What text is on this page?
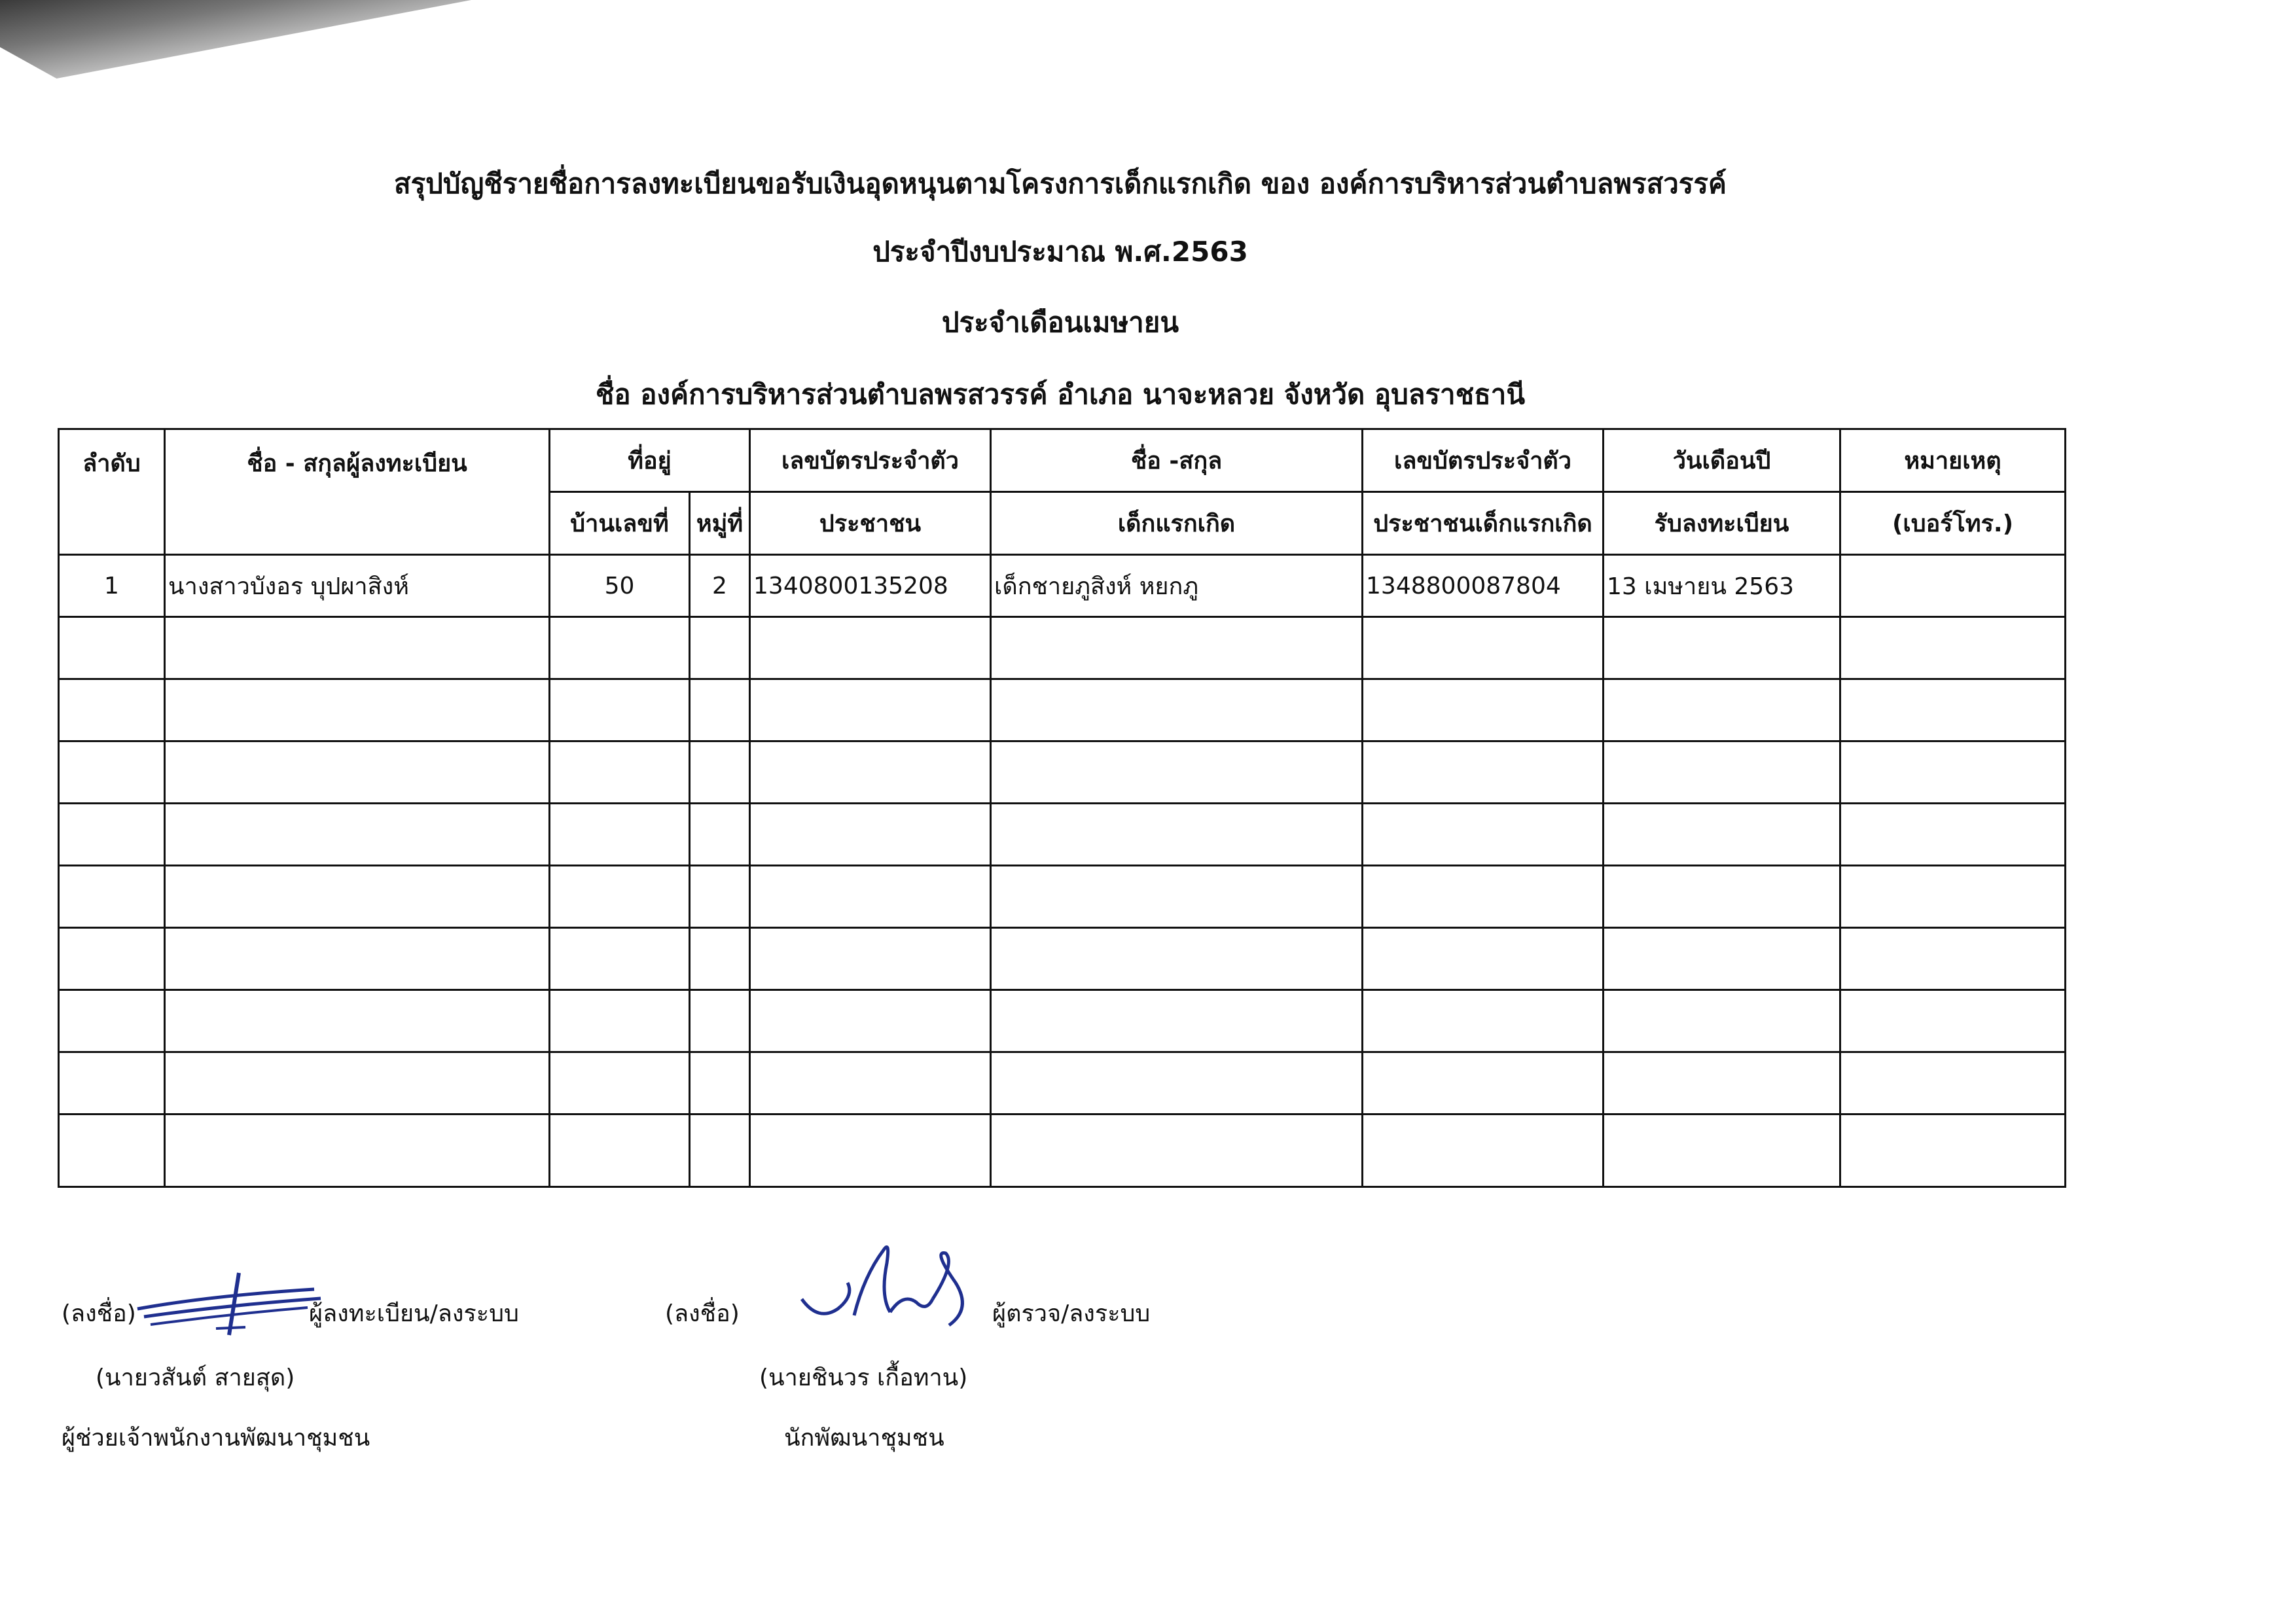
สรุปบัญชีรายชื่อการลงทะเบียนขอรับเงินอุดหนุนตามโครงการเด็กแรกเกิด ของ องค์การบริหารส่วนตำบลพรสวรรค์
ประจำปีงบประมาณ พ.ศ.2563
ประจำเดือนเมษายน
ชื่อ องค์การบริหารส่วนตำบลพรสวรรค์ อำเภอ นาจะหลวย จังหวัด อุบลราชธานี
ลำดับ	ชื่อ - สกุลผู้ลงทะเบียน	ที่อยู่		เลขบัตรประจำตัว	ชื่อ -สกุล	เลขบัตรประจำตัว	วันเดือนปี	หมายเหตุ
		บ้านเลขที่	หมู่ที่	ประชาชน	เด็กแรกเกิด	ประชาชนเด็กแรกเกิด	รับลงทะเบียน	(เบอร์โทร.)
1	นางสาวบังอร บุปผาสิงห์	50	2	1340800135208	เด็กชายภูสิงห์ หยกภู	1348800087804	13 เมษายน 2563	

(ลงชื่อ)	ผู้ลงทะเบียน/ลงระบบ
(นายวสันต์ สายสุด)
ผู้ช่วยเจ้าพนักงานพัฒนาชุมชน
(ลงชื่อ)	ผู้ตรวจ/ลงระบบ
(นายชินวร เกื้อทาน)
นักพัฒนาชุมชน
